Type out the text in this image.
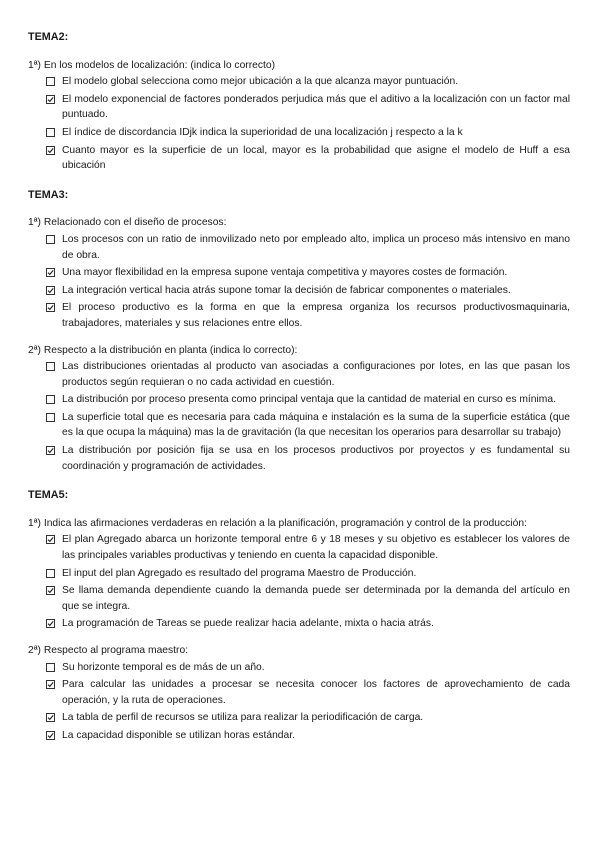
TEMA2:
1ª) En los modelos de localización: (indica lo correcto)
El modelo global selecciona como mejor ubicación a la que alcanza mayor puntuación.
El modelo exponencial de factores ponderados perjudica más que el aditivo a la localización con un factor mal puntuado.
El índice de discordancia IDjk indica la superioridad de una localización j respecto a la k
Cuanto mayor es la superficie de un local, mayor es la probabilidad que asigne el modelo de Huff a esa ubicación
TEMA3:
1ª) Relacionado con el diseño de procesos:
Los procesos con un ratio de inmovilizado neto por empleado alto, implica un proceso más intensivo en mano de obra.
Una mayor flexibilidad en la empresa supone ventaja competitiva y mayores costes de formación.
La integración vertical hacia atrás supone tomar la decisión de fabricar componentes o materiales.
El proceso productivo es la forma en que la empresa organiza los recursos productivosmaquinaria, trabajadores, materiales y sus relaciones entre ellos.
2ª) Respecto a la distribución en planta (indica lo correcto):
Las distribuciones orientadas al producto van asociadas a configuraciones por lotes, en las que pasan los productos según requieran o no cada actividad en cuestión.
La distribución por proceso presenta como principal ventaja que la cantidad de material en curso es mínima.
La superficie total que es necesaria para cada máquina e instalación es la suma de la superficie estática (que es la que ocupa la máquina) mas la de gravitación (la que necesitan los operarios para desarrollar su trabajo)
La distribución por posición fija se usa en los procesos productivos por proyectos y es fundamental su coordinación y programación de actividades.
TEMA5:
1ª) Indica las afirmaciones verdaderas en relación a la planificación, programación y control de la producción:
El plan Agregado abarca un horizonte temporal entre 6 y 18 meses y su objetivo es establecer los valores de las principales variables productivas y teniendo en cuenta la capacidad disponible.
El input del plan Agregado es resultado del programa Maestro de Producción.
Se llama demanda dependiente cuando la demanda puede ser determinada por la demanda del artículo en que se integra.
La programación de Tareas se puede realizar hacia adelante, mixta o hacia atrás.
2ª) Respecto al programa maestro:
Su horizonte temporal es de más de un año.
Para calcular las unidades a procesar se necesita conocer los factores de aprovechamiento de cada operación, y la ruta de operaciones.
La tabla de perfil de recursos se utiliza para realizar la periodificación de carga.
La capacidad disponible se utilizan horas estándar.
